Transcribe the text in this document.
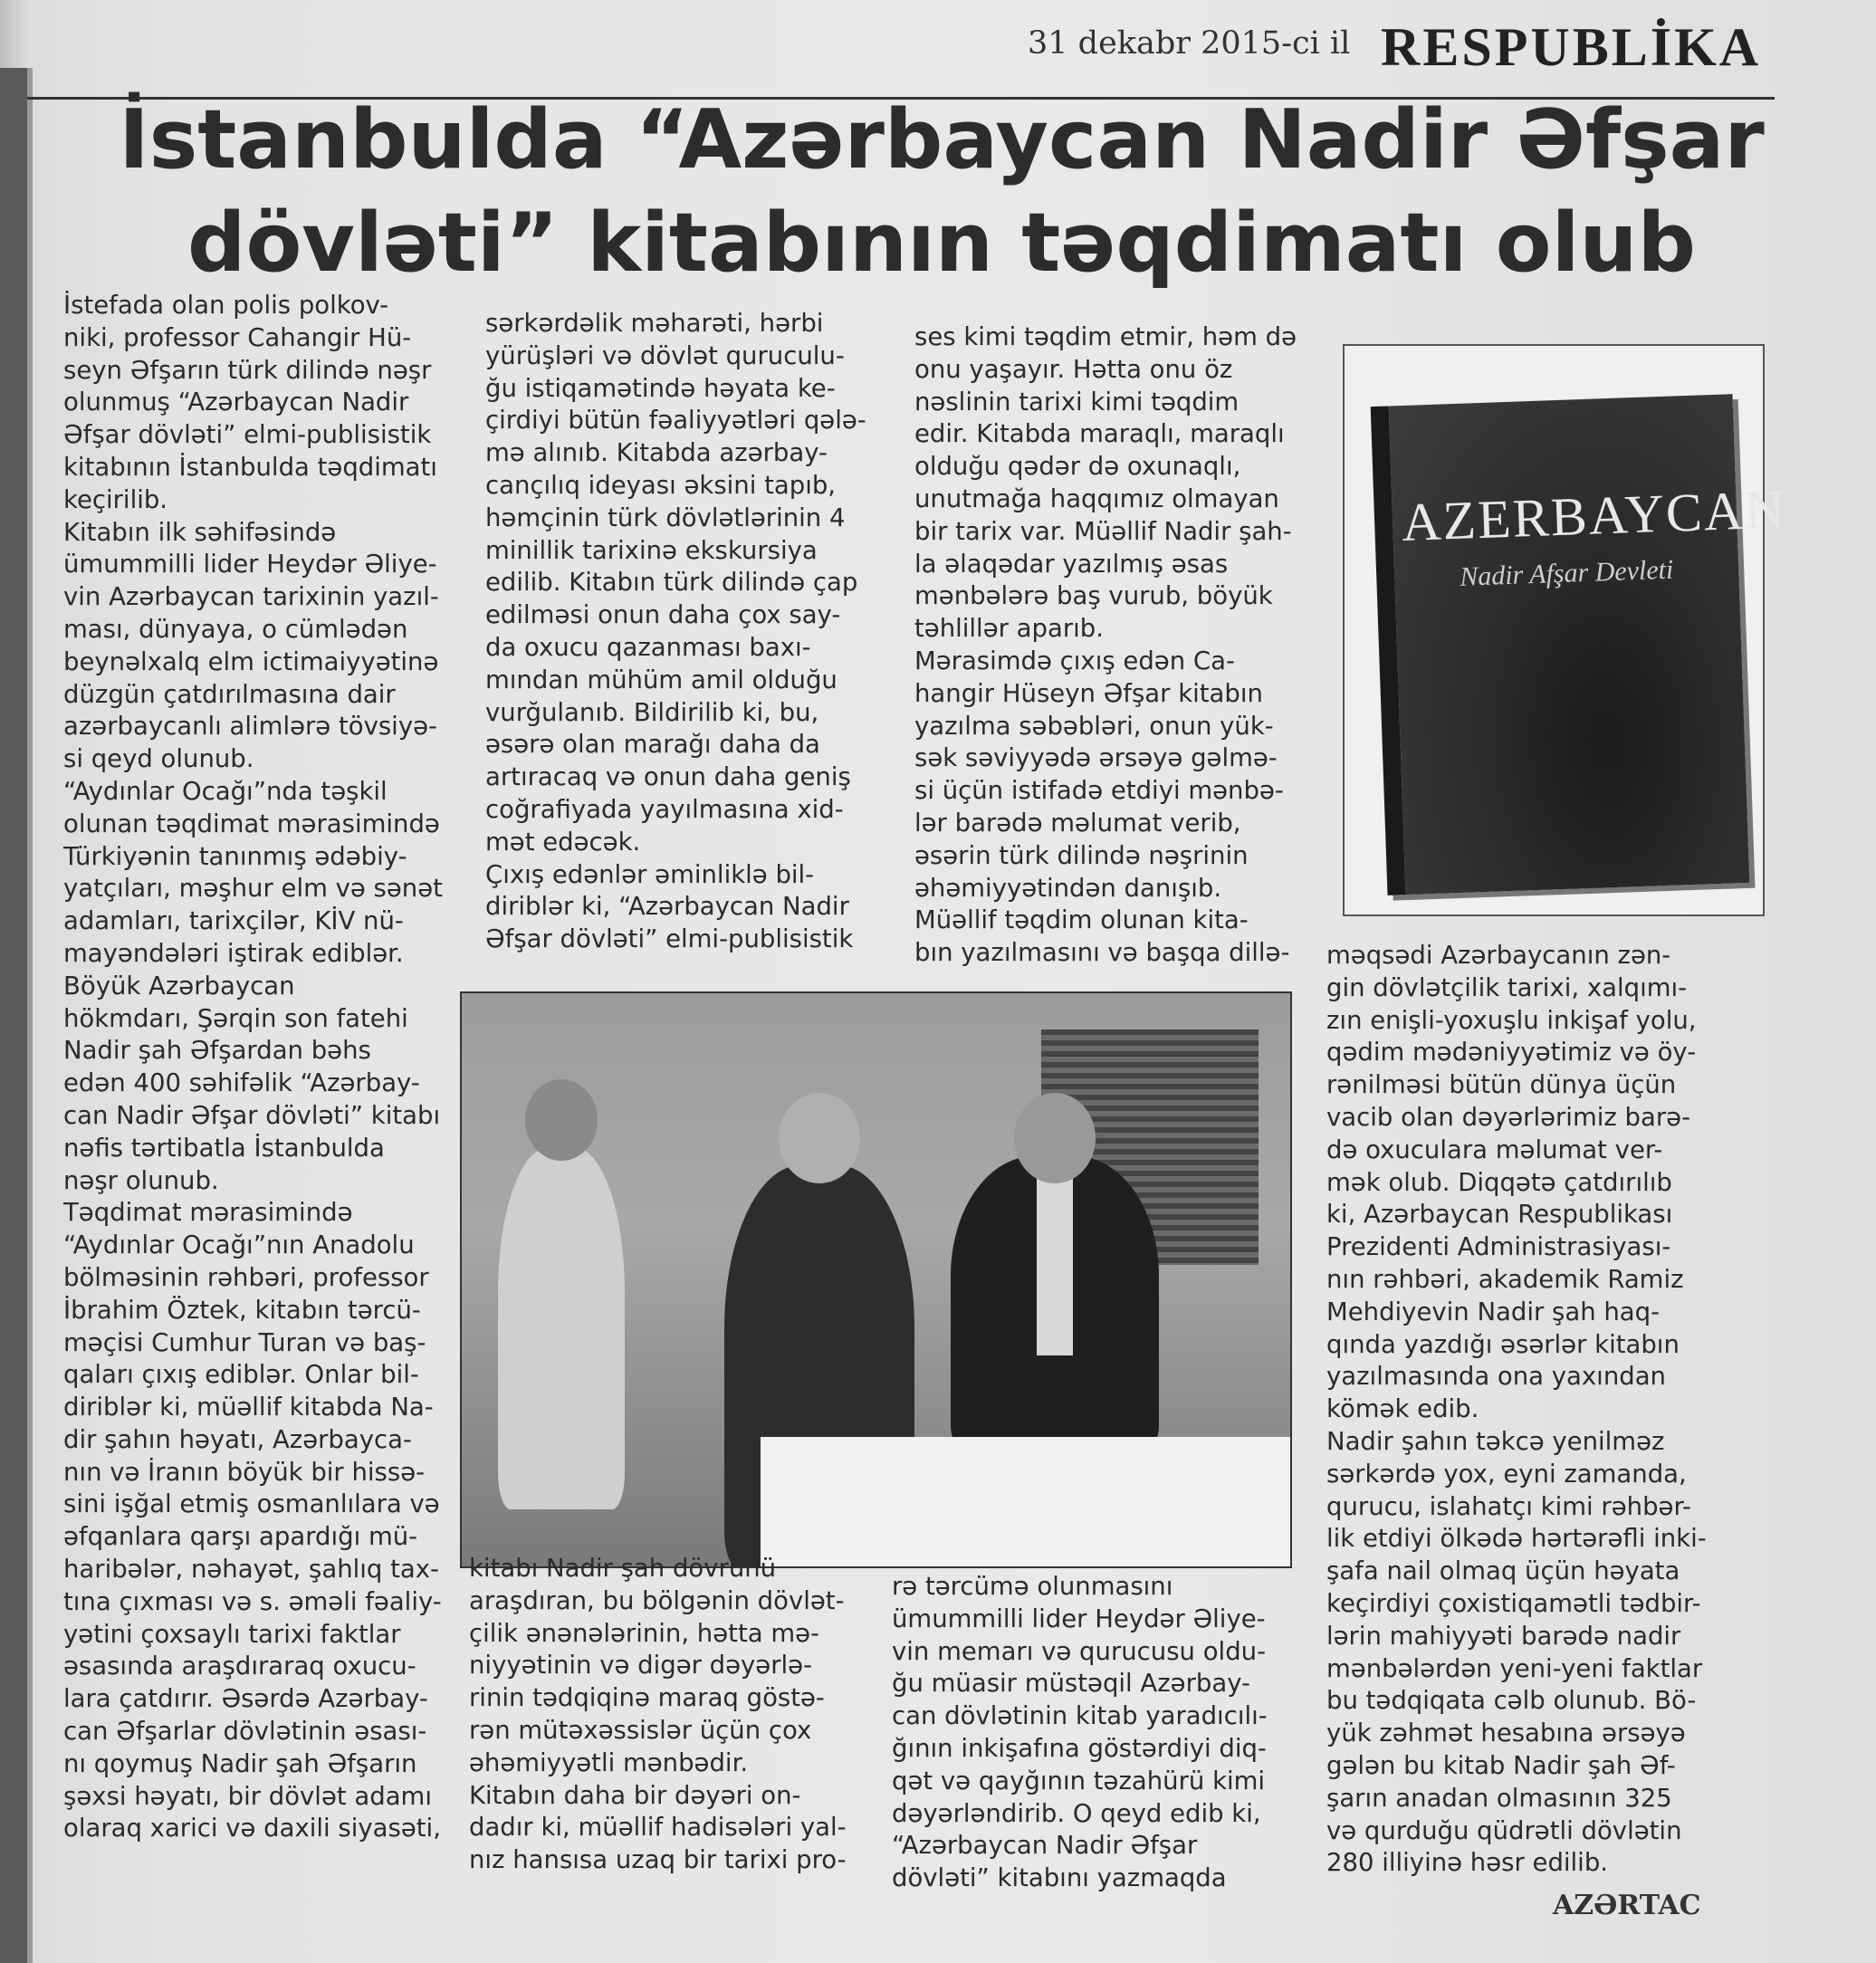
31 dekabr 2015-ci il RESPUBLİKA
İstanbulda “Azərbaycan Nadir Əfşar dövləti” kitabının təqdimatı olub

İstefada olan polis polkov-
niki, professor Cahangir Hü-
seyn Əfşarın türk dilində nəşr
olunmuş “Azərbaycan Nadir
Əfşar dövləti” elmi-publisistik
kitabının İstanbulda təqdimatı
keçirilib.
Kitabın ilk səhifəsində
ümummilli lider Heydər Əliye-
vin Azərbaycan tarixinin yazıl-
ması, dünyaya, o cümlədən
beynəlxalq elm ictimaiyyətinə
düzgün çatdırılmasına dair
azərbaycanlı alimlərə tövsiyə-
si qeyd olunub.
“Aydınlar Ocağı”nda təşkil
olunan təqdimat mərasimində
Türkiyənin tanınmış ədəbiy-
yatçıları, məşhur elm və sənət
adamları, tarixçilər, KİV nü-
mayəndələri iştirak ediblər.
Böyük Azərbaycan
hökmdarı, Şərqin son fatehi
Nadir şah Əfşardan bəhs
edən 400 səhifəlik “Azərbay-
can Nadir Əfşar dövləti” kitabı
nəfis tərtibatla İstanbulda
nəşr olunub.
Təqdimat mərasimində
“Aydınlar Ocağı”nın Anadolu
bölməsinin rəhbəri, professor
İbrahim Öztek, kitabın tərcü-
məçisi Cumhur Turan və baş-
qaları çıxış ediblər. Onlar bil-
diriblər ki, müəllif kitabda Na-
dir şahın həyatı, Azərbayca-
nın və İranın böyük bir hissə-
sini işğal etmiş osmanlılara və
əfqanlara qarşı apardığı mü-
haribələr, nəhayət, şahlıq tax-
tına çıxması və s. əməli fəaliy-
yətini çoxsaylı tarixi faktlar
əsasında araşdıraraq oxucu-
lara çatdırır. Əsərdə Azərbay-
can Əfşarlar dövlətinin əsası-
nı qoymuş Nadir şah Əfşarın
şəxsi həyatı, bir dövlət adamı
olaraq xarici və daxili siyasəti,

sərkərdəlik məharəti, hərbi
yürüşləri və dövlət quruculu-
ğu istiqamətində həyata ke-
çirdiyi bütün fəaliyyətləri qələ-
mə alınıb. Kitabda azərbay-
cançılıq ideyası əksini tapıb,
həmçinin türk dövlətlərinin 4
minillik tarixinə ekskursiya
edilib. Kitabın türk dilində çap
edilməsi onun daha çox say-
da oxucu qazanması baxı-
mından mühüm amil olduğu
vurğulanıb. Bildirilib ki, bu,
əsərə olan marağı daha da
artıracaq və onun daha geniş
coğrafiyada yayılmasına xid-
mət edəcək.
Çıxış edənlər əminliklə bil-
diriblər ki, “Azərbaycan Nadir
Əfşar dövləti” elmi-publisistik

ses kimi təqdim etmir, həm də
onu yaşayır. Hətta onu öz
nəslinin tarixi kimi təqdim
edir. Kitabda maraqlı, maraqlı
olduğu qədər də oxunaqlı,
unutmağa haqqımız olmayan
bir tarix var. Müəllif Nadir şah-
la əlaqədar yazılmış əsas
mənbələrə baş vurub, böyük
təhlillər aparıb.
Mərasimdə çıxış edən Ca-
hangir Hüseyn Əfşar kitabın
yazılma səbəbləri, onun yük-
sək səviyyədə ərsəyə gəlmə-
si üçün istifadə etdiyi mənbə-
lər barədə məlumat verib,
əsərin türk dilində nəşrinin
əhəmiyyətindən danışıb.
Müəllif təqdim olunan kita-
bın yazılmasını və başqa dillə-

AZERBAYCAN
Nadir Afşar Devleti

kitabı Nadir şah dövrünü
araşdıran, bu bölgənin dövlət-
çilik ənənələrinin, hətta mə-
niyyətinin və digər dəyərlə-
rinin tədqiqinə maraq göstə-
rən mütəxəssislər üçün çox
əhəmiyyətli mənbədir.
Kitabın daha bir dəyəri on-
dadır ki, müəllif hadisələri yal-
nız hansısa uzaq bir tarixi pro-

rə tərcümə olunmasını
ümummilli lider Heydər Əliye-
vin memarı və qurucusu oldu-
ğu müasir müstəqil Azərbay-
can dövlətinin kitab yaradıcılı-
ğının inkişafına göstərdiyi diq-
qət və qayğının təzahürü kimi
dəyərləndirib. O qeyd edib ki,
“Azərbaycan Nadir Əfşar
dövləti” kitabını yazmaqda

məqsədi Azərbaycanın zən-
gin dövlətçilik tarixi, xalqımı-
zın enişli-yoxuşlu inkişaf yolu,
qədim mədəniyyətimiz və öy-
rənilməsi bütün dünya üçün
vacib olan dəyərlərimiz barə-
də oxuculara məlumat ver-
mək olub. Diqqətə çatdırılıb
ki, Azərbaycan Respublikası
Prezidenti Administrasiyası-
nın rəhbəri, akademik Ramiz
Mehdiyevin Nadir şah haq-
qında yazdığı əsərlər kitabın
yazılmasında ona yaxından
kömək edib.
Nadir şahın təkcə yenilməz
sərkərdə yox, eyni zamanda,
qurucu, islahatçı kimi rəhbər-
lik etdiyi ölkədə hərtərəfli inki-
şafa nail olmaq üçün həyata
keçirdiyi çoxistiqamətli tədbir-
lərin mahiyyəti barədə nadir
mənbələrdən yeni-yeni faktlar
bu tədqiqata cəlb olunub. Bö-
yük zəhmət hesabına ərsəyə
gələn bu kitab Nadir şah Əf-
şarın anadan olmasının 325
və qurduğu qüdrətli dövlətin
280 illiyinə həsr edilib.

AZƏRTAC
